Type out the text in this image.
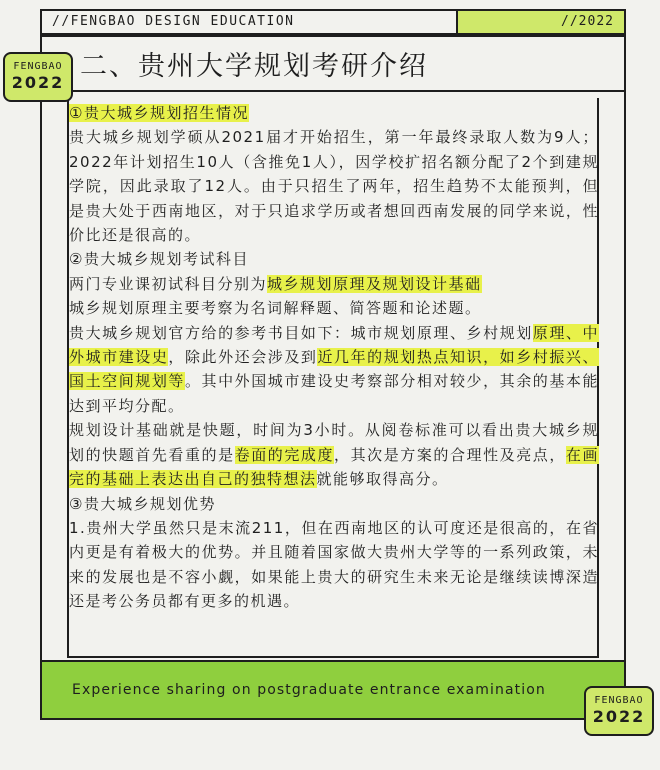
//FENGBAO DESIGN EDUCATION	//2022
二、贵州大学规划考研介绍

①贵大城乡规划招生情况

贵大城乡规划学硕从2021届才开始招生，第一年最终录取人数为9人；2022年计划招生10人（含推免1人），因学校扩招名额分配了2个到建规学院，因此录取了12人。由于只招生了两年，招生趋势不太能预判，但是贵大处于西南地区，对于只追求学历或者想回西南发展的同学来说，性价比还是很高的。

②贵大城乡规划考试科目

两门专业课初试科目分别为城乡规划原理及规划设计基础

城乡规划原理主要考察为名词解释题、简答题和论述题。

贵大城乡规划官方给的参考书目如下：城市规划原理、乡村规划原理、中外城市建设史，除此外还会涉及到近几年的规划热点知识，如乡村振兴、国土空间规划等。其中外国城市建设史考察部分相对较少，其余的基本能达到平均分配。

规划设计基础就是快题，时间为3小时。从阅卷标准可以看出贵大城乡规划的快题首先看重的是卷面的完成度，其次是方案的合理性及亮点，在画完的基础上表达出自己的独特想法就能够取得高分。

③贵大城乡规划优势

1.贵州大学虽然只是末流211，但在西南地区的认可度还是很高的，在省内更是有着极大的优势。并且随着国家做大贵州大学等的一系列政策，未来的发展也是不容小觑，如果能上贵大的研究生未来无论是继续读博深造还是考公务员都有更多的机遇。

Experience sharing on postgraduate entrance examination
FENGBAO
2022
FENGBAO
2022
